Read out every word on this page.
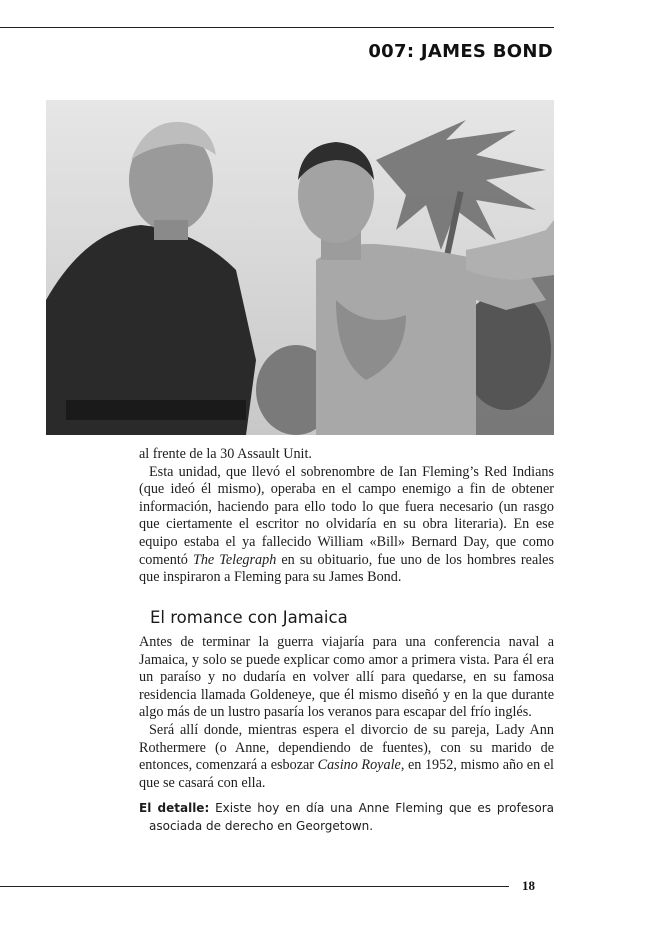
007: JAMES BOND

al frente de la 30 Assault Unit.

Esta unidad, que llevó el sobrenombre de Ian Fleming’s Red Indians (que ideó él mismo), operaba en el campo enemigo a fin de obtener información, haciendo para ello todo lo que fuera necesario (un rasgo que ciertamente el escritor no olvidaría en su obra literaria). En ese equipo estaba el ya fallecido William «Bill» Bernard Day, que como comentó The Telegraph en su obituario, fue uno de los hombres reales que inspiraron a Fleming para su James Bond.

El romance con Jamaica

Antes de terminar la guerra viajaría para una conferencia naval a Jamaica, y solo se puede explicar como amor a primera vista. Para él era un paraíso y no dudaría en volver allí para quedarse, en su famosa residencia llamada Goldeneye, que él mismo diseñó y en la que durante algo más de un lustro pasaría los veranos para escapar del frío inglés.

Será allí donde, mientras espera el divorcio de su pareja, Lady Ann Rothermere (o Anne, dependiendo de fuentes), con su marido de entonces, comenzará a esbozar Casino Royale, en 1952, mismo año en el que se casará con ella.

El detalle: Existe hoy en día una Anne Fleming que es profesora asociada de derecho en Georgetown.
18
